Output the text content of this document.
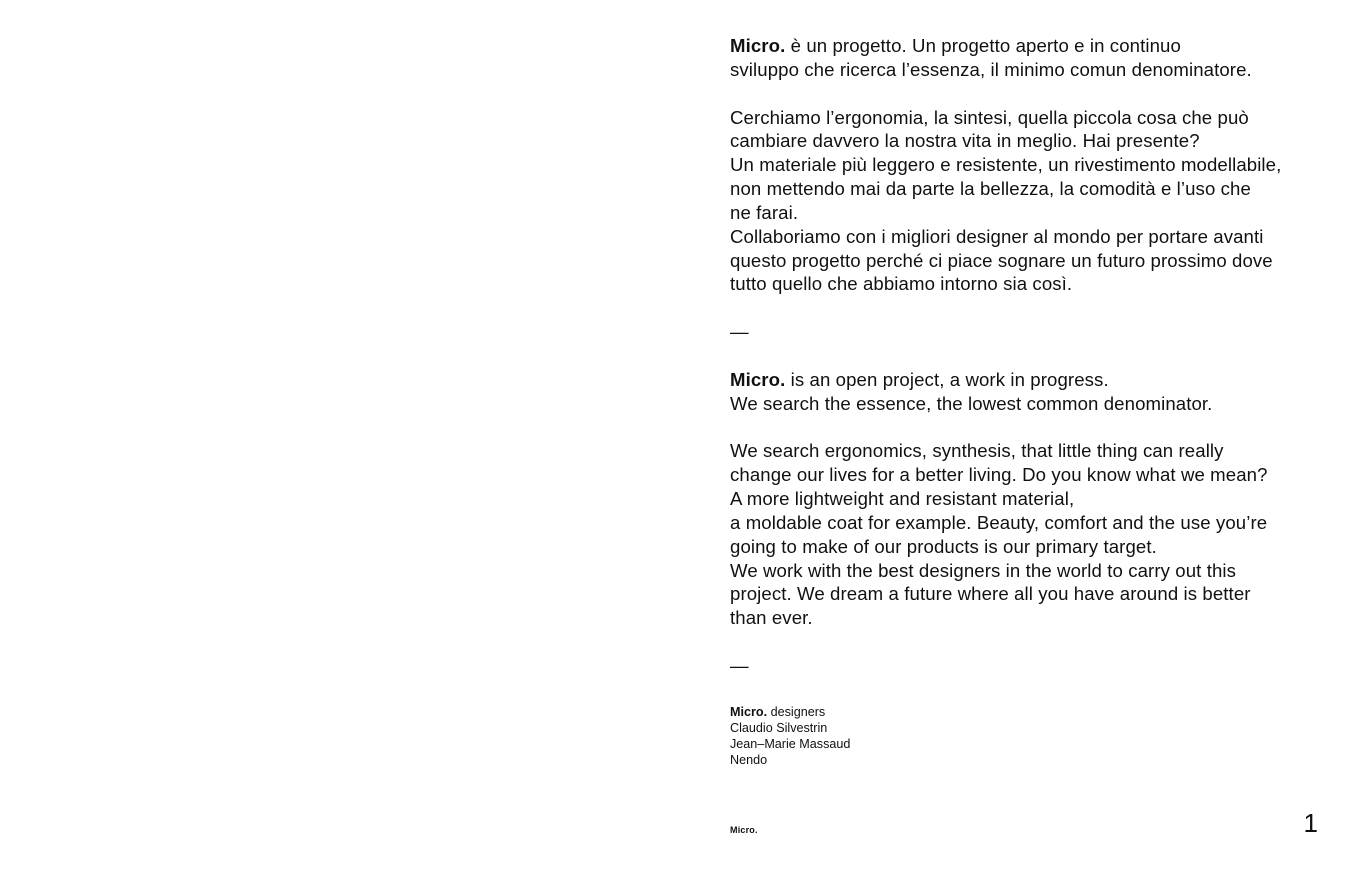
Micro. è un progetto. Un progetto aperto e in continuo

sviluppo che ricerca l’essenza, il minimo comun denominatore.

Cerchiamo l’ergonomia, la sintesi, quella piccola cosa che può

cambiare davvero la nostra vita in meglio. Hai presente?

Un materiale più leggero e resistente, un rivestimento modellabile,

non mettendo mai da parte la bellezza, la comodità e l’uso che

ne farai.

Collaboriamo con i migliori designer al mondo per portare avanti

questo progetto perché ci piace sognare un futuro prossimo dove

tutto quello che abbiamo intorno sia così.

—

Micro. is an open project, a work in progress.

We search the essence, the lowest common denominator.

We search ergonomics, synthesis, that little thing can really

change our lives for a better living. Do you know what we mean?

A more lightweight and resistant material,

a moldable coat for example. Beauty, comfort and the use you’re

going to make of our products is our primary target.

We work with the best designers in the world to carry out this

project. We dream a future where all you have around is better

than ever.

—

Micro. designers

Claudio Silvestrin

Jean–Marie Massaud

Nendo

Micro.	1
